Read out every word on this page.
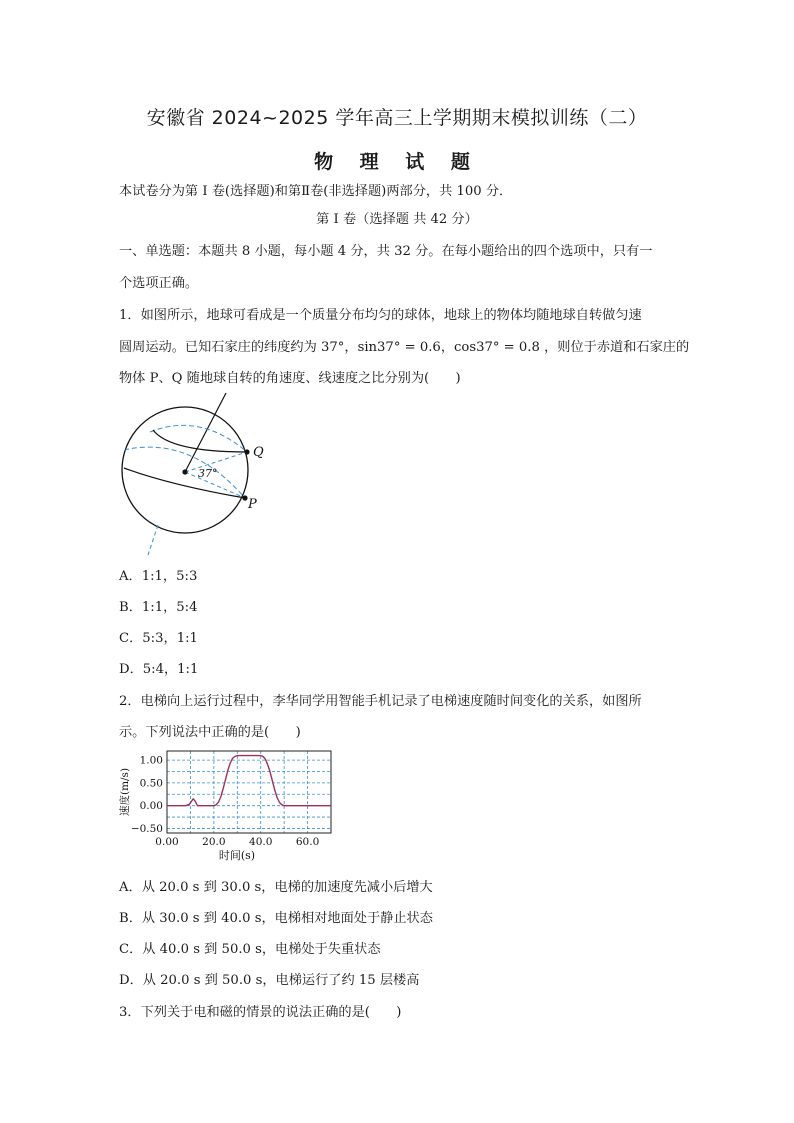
安徽省 2024~2025 学年高三上学期期末模拟训练（二）
物 理 试 题
本试卷分为第 I 卷(选择题)和第Ⅱ卷(非选择题)两部分，共 100 分．
第 I 卷（选择题 共 42 分）
一、单选题：本题共 8 小题，每小题 4 分，共 32 分。在每小题给出的四个选项中，只有一
个选项正确。
1．如图所示，地球可看成是一个质量分布均匀的球体，地球上的物体均随地球自转做匀速
圆周运动。已知石家庄的纬度约为 37°，sin37° = 0.6，cos37° = 0.8 ，则位于赤道和石家庄的
物体 P、Q 随地球自转的角速度、线速度之比分别为(　　)
37°
Q
P
A．1:1，5:3
B．1:1，5:4
C．5:3，1:1
D．5:4，1:1
2．电梯向上运行过程中，李华同学用智能手机记录了电梯速度随时间变化的关系，如图所
示。下列说法中正确的是(　　)
0.00 20.0 40.0 60.0
1.00
0.50
0.00
−0.50
时间(s)
速度(m/s)
A．从 20.0 s 到 30.0 s，电梯的加速度先减小后增大
B．从 30.0 s 到 40.0 s，电梯相对地面处于静止状态
C．从 40.0 s 到 50.0 s，电梯处于失重状态
D．从 20.0 s 到 50.0 s，电梯运行了约 15 层楼高
3．下列关于电和磁的情景的说法正确的是(　　)
